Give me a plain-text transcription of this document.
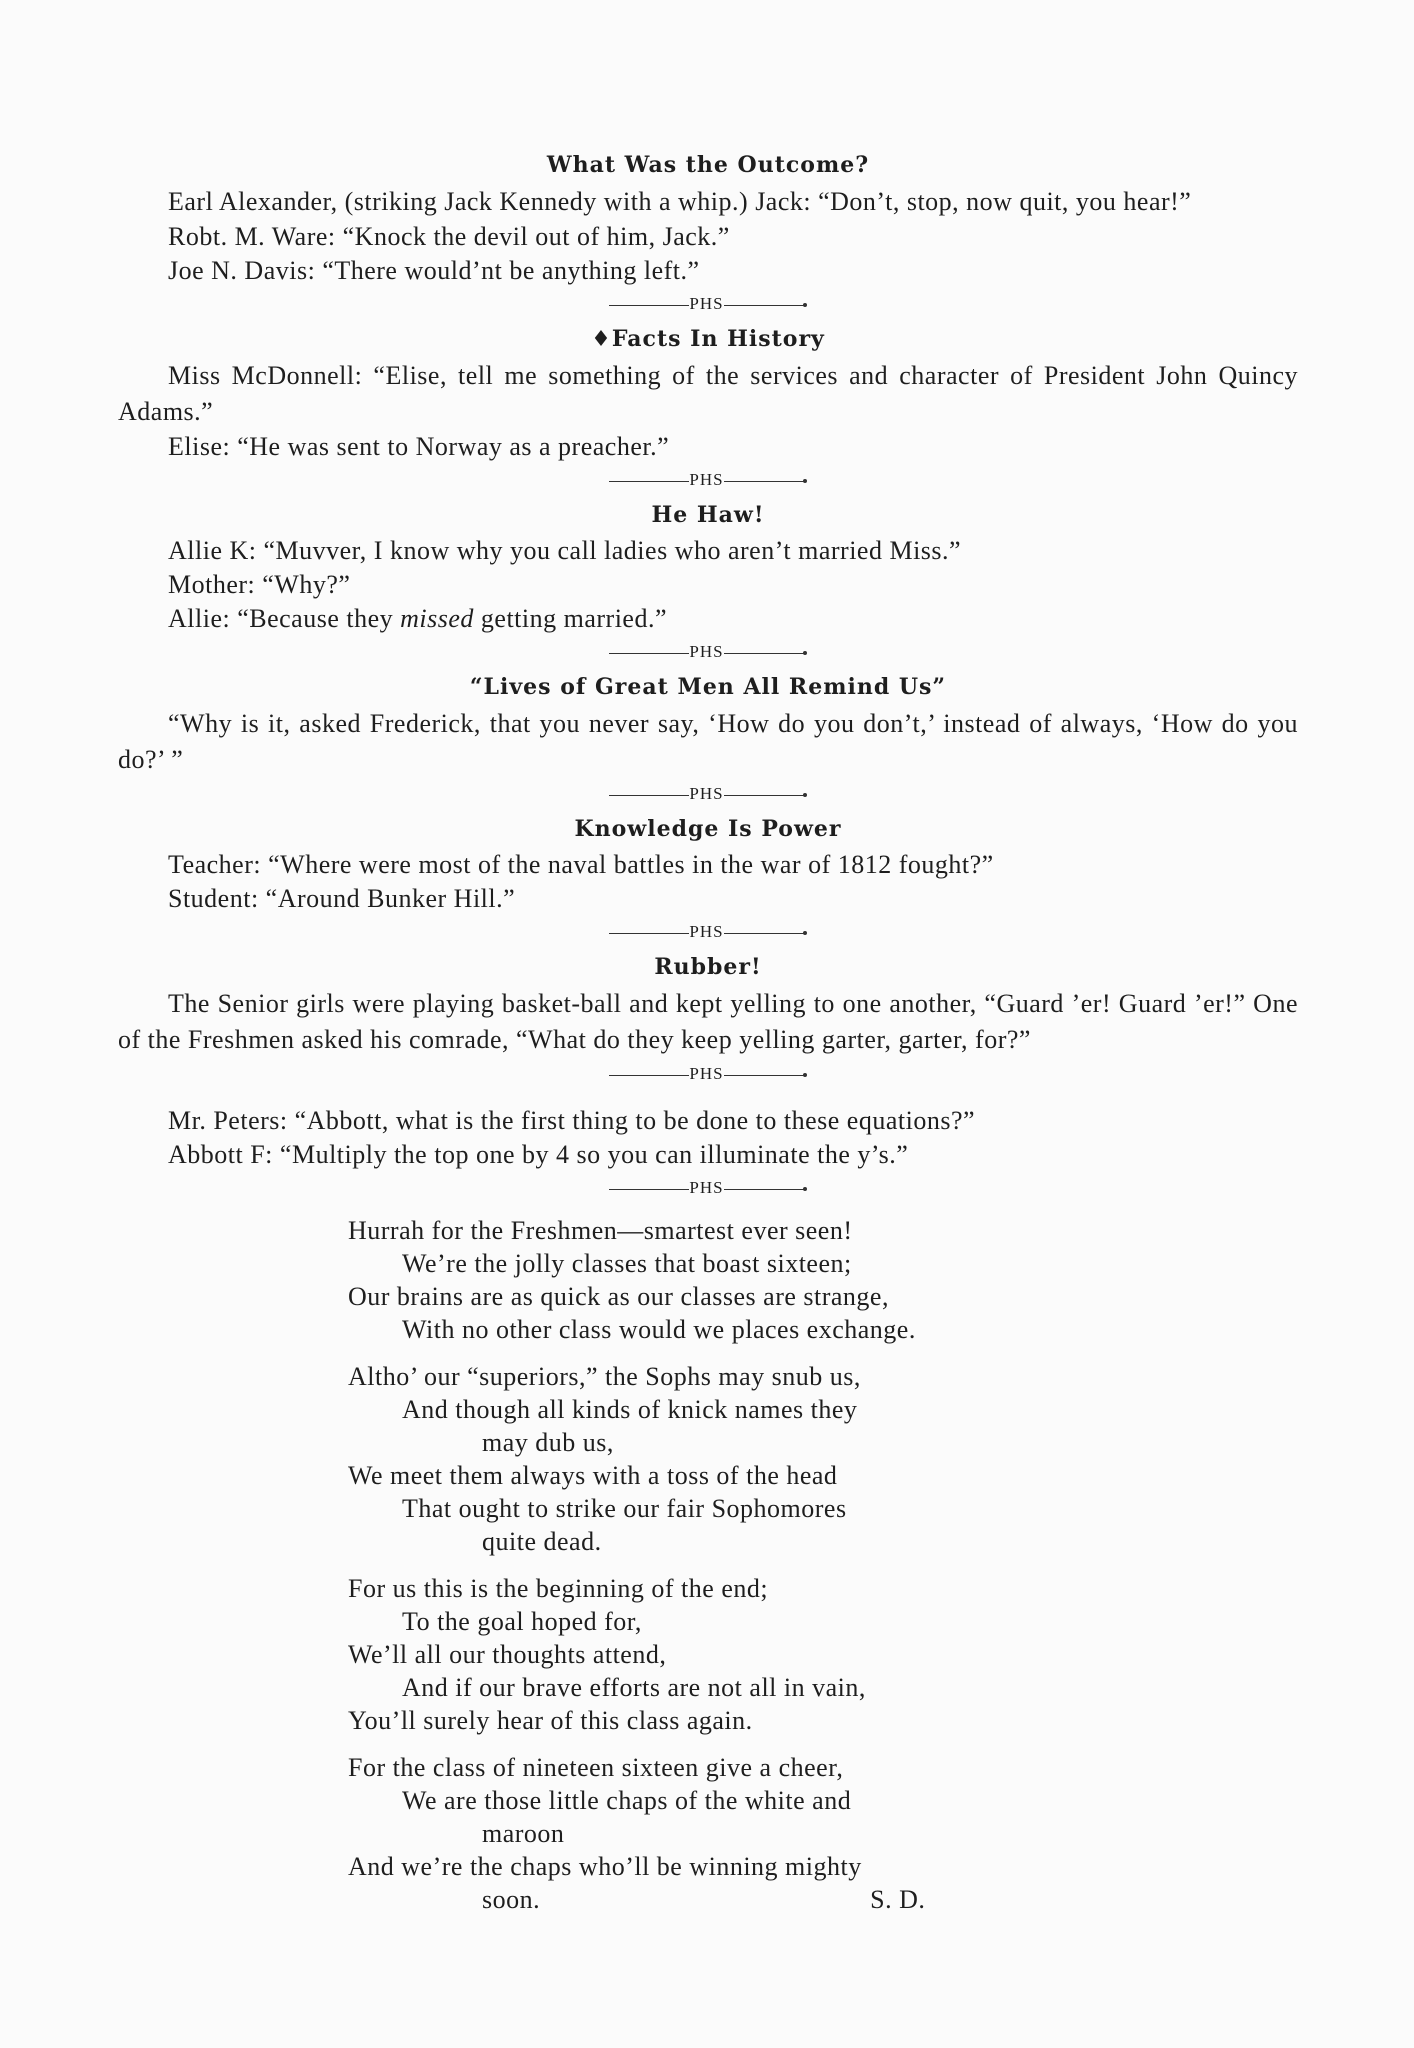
What Was the Outcome?
Earl Alexander, (striking Jack Kennedy with a whip.) Jack: “Don’t, stop, now quit, you hear!”
Robt. M. Ware: “Knock the devil out of him, Jack.”
Joe N. Davis: “There would’nt be anything left.”
PHS
♦Facts In History
Miss McDonnell: “Elise, tell me something of the services and character of President John Quincy Adams.”
Elise: “He was sent to Norway as a preacher.”
PHS
He Haw!
Allie K: “Muvver, I know why you call ladies who aren’t married Miss.”
Mother: “Why?”
Allie: “Because they missed getting married.”
PHS
“Lives of Great Men All Remind Us”
“Why is it, asked Frederick, that you never say, ‘How do you don’t,’ instead of always, ‘How do you do?’ ”
PHS
Knowledge Is Power
Teacher: “Where were most of the naval battles in the war of 1812 fought?”
Student: “Around Bunker Hill.”
PHS
Rubber!
The Senior girls were playing basket-ball and kept yelling to one another, “Guard ’er! Guard ’er!” One of the Freshmen asked his comrade, “What do they keep yelling garter, garter, for?”
PHS
Mr. Peters: “Abbott, what is the first thing to be done to these equations?”
Abbott F: “Multiply the top one by 4 so you can illuminate the y’s.”
PHS
Hurrah for the Freshmen—smartest ever seen!
We’re the jolly classes that boast sixteen;
Our brains are as quick as our classes are strange,
With no other class would we places exchange.
Altho’ our “superiors,” the Sophs may snub us,
And though all kinds of knick names they
may dub us,
We meet them always with a toss of the head
That ought to strike our fair Sophomores
quite dead.
For us this is the beginning of the end;
To the goal hoped for,
We’ll all our thoughts attend,
And if our brave efforts are not all in vain,
You’ll surely hear of this class again.
For the class of nineteen sixteen give a cheer,
We are those little chaps of the white and
maroon
And we’re the chaps who’ll be winning mighty
soon.	S. D.
